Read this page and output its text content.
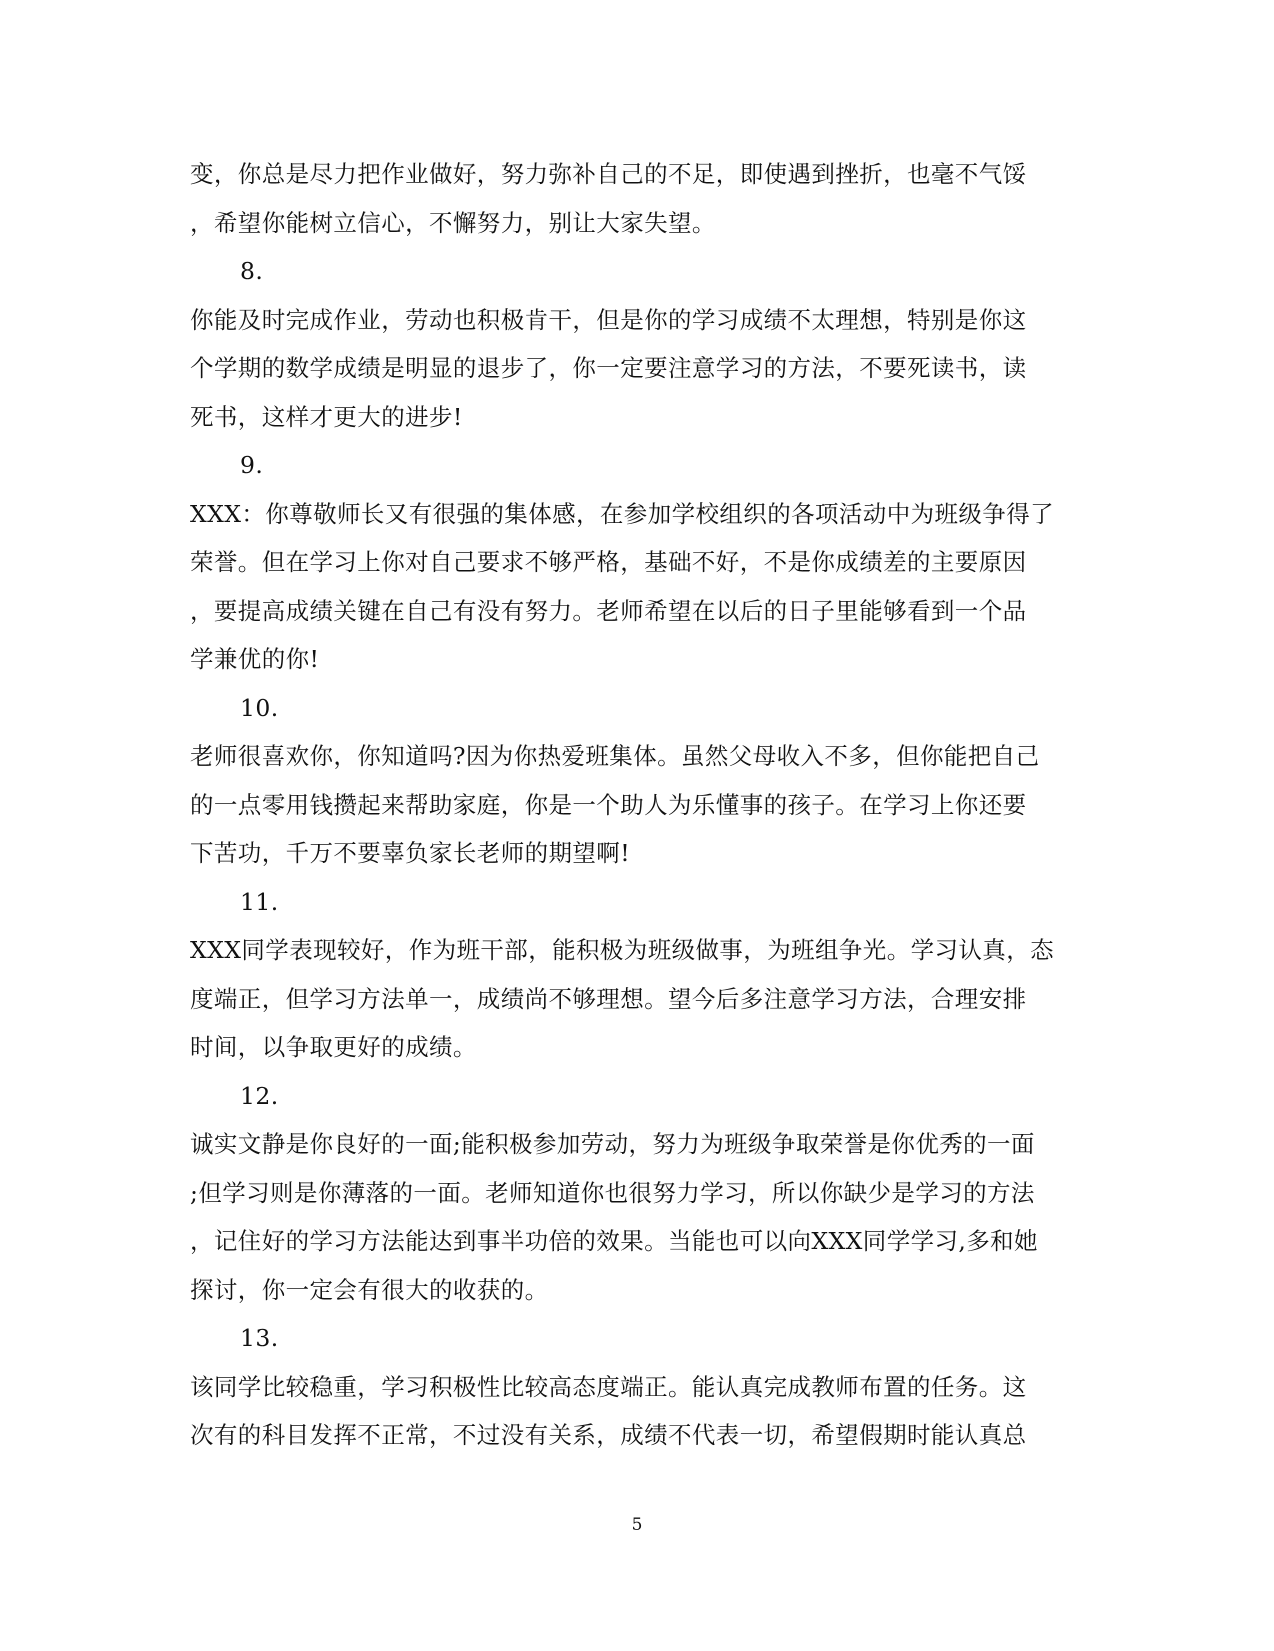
变，你总是尽力把作业做好，努力弥补自己的不足，即使遇到挫折，也毫不气馁
，希望你能树立信心，不懈努力，别让大家失望。
8.
你能及时完成作业，劳动也积极肯干，但是你的学习成绩不太理想，特别是你这
个学期的数学成绩是明显的退步了，你一定要注意学习的方法，不要死读书，读
死书，这样才更大的进步!
9.
XXX：你尊敬师长又有很强的集体感，在参加学校组织的各项活动中为班级争得了
荣誉。但在学习上你对自己要求不够严格，基础不好，不是你成绩差的主要原因
，要提高成绩关键在自己有没有努力。老师希望在以后的日子里能够看到一个品
学兼优的你!
10.
老师很喜欢你，你知道吗?因为你热爱班集体。虽然父母收入不多，但你能把自己
的一点零用钱攒起来帮助家庭，你是一个助人为乐懂事的孩子。在学习上你还要
下苦功，千万不要辜负家长老师的期望啊!
11.
XXX同学表现较好，作为班干部，能积极为班级做事，为班组争光。学习认真，态
度端正，但学习方法单一，成绩尚不够理想。望今后多注意学习方法，合理安排
时间，以争取更好的成绩。
12.
诚实文静是你良好的一面;能积极参加劳动，努力为班级争取荣誉是你优秀的一面
;但学习则是你薄落的一面。老师知道你也很努力学习，所以你缺少是学习的方法
，记住好的学习方法能达到事半功倍的效果。当能也可以向XXX同学学习,多和她
探讨，你一定会有很大的收获的。
13.
该同学比较稳重，学习积极性比较高态度端正。能认真完成教师布置的任务。这
次有的科目发挥不正常，不过没有关系，成绩不代表一切，希望假期时能认真总
5
